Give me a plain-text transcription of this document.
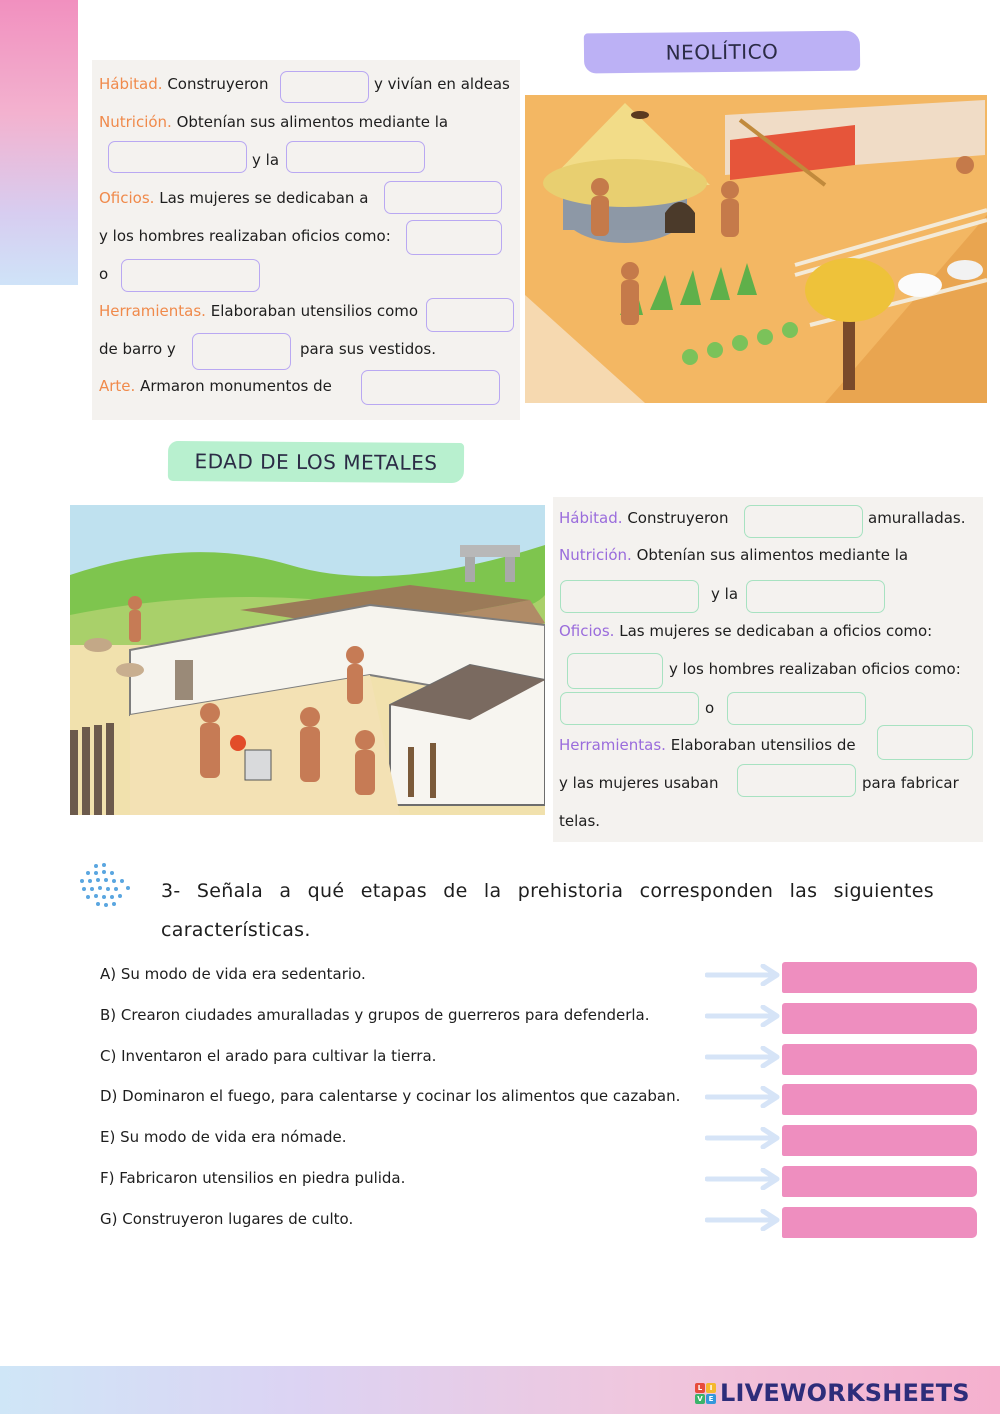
NEOLÍTICO
Hábitad. Construyeron	y vivían en aldeas
Nutrición. Obtenían sus alimentos mediante la
y la
Oficios. Las mujeres se dedicaban a
y los hombres realizaban oficios como:
o
Herramientas. Elaboraban utensilios como
de barro y	para sus vestidos.
Arte. Armaron monumentos de
EDAD DE LOS METALES
Hábitad. Construyeron	amuralladas.
Nutrición. Obtenían sus alimentos mediante la
y la
Oficios. Las mujeres se dedicaban a oficios como:
y los hombres realizaban oficios como:
o
Herramientas. Elaboraban utensilios de
y las mujeres usaban	para fabricar
telas.
3- Señala a qué etapas de la prehistoria corresponden las siguientes características.
A) Su modo de vida era sedentario.
B) Crearon ciudades amuralladas y grupos de guerreros para defenderla.
C) Inventaron el arado para cultivar la tierra.
D) Dominaron el fuego, para calentarse y cocinar los alimentos que cazaban.
E) Su modo de vida era nómade.
F) Fabricaron utensilios en piedra pulida.
G) Construyeron lugares de culto.
L	I
V E LIVEWORKSHEETS
